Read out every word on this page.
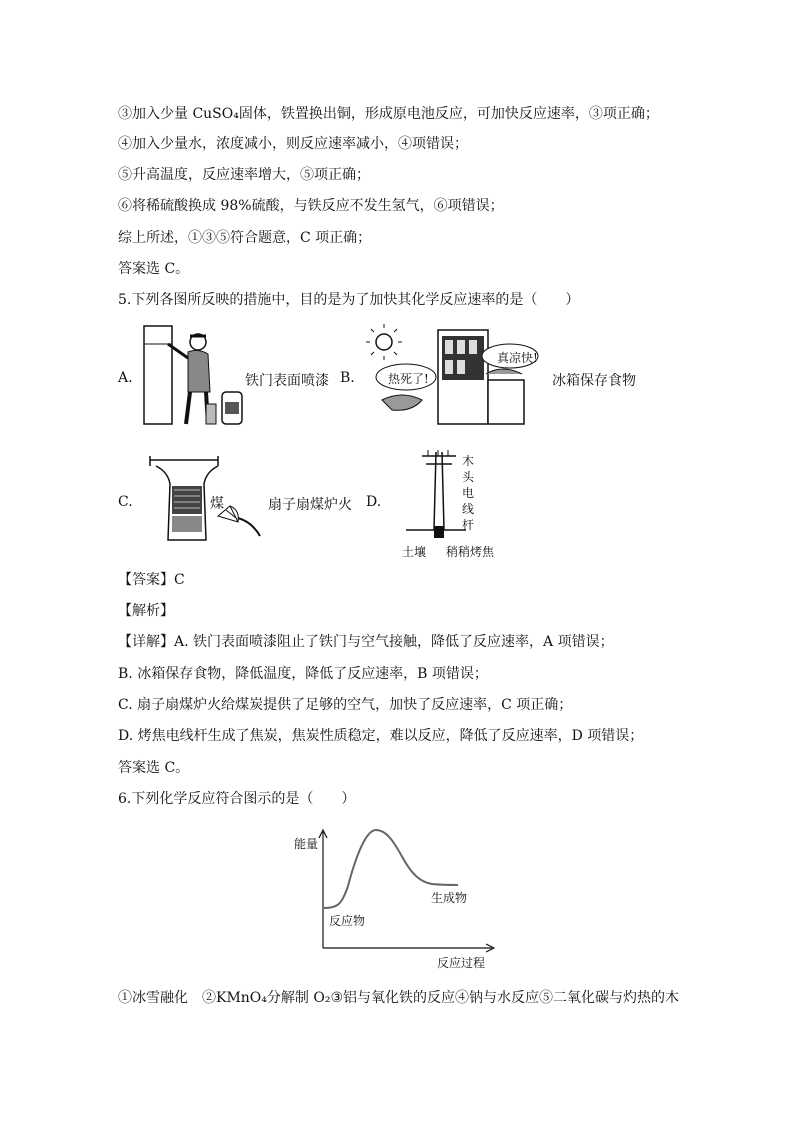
③加入少量 CuSO₄固体，铁置换出铜，形成原电池反应，可加快反应速率，③项正确；
④加入少量水，浓度减小，则反应速率减小，④项错误；
⑤升高温度，反应速率增大，⑤项正确；
⑥将稀硫酸换成 98%硫酸，与铁反应不发生氢气，⑥项错误；
综上所述，①③⑤符合题意，C 项正确；
答案选 C。
5.下列各图所反映的措施中，目的是为了加快其化学反应速率的是（　　）
A.	铁门表面喷漆 B.	热死了!
真凉快!
冰箱保存食物
C.	煤	扇子扇煤炉火 D.
木
头
电
线
杆
土壤 稍稍烤焦
【答案】C
【解析】
【详解】A. 铁门表面喷漆阻止了铁门与空气接触，降低了反应速率，A 项错误；
B. 冰箱保存食物，降低温度，降低了反应速率，B 项错误；
C. 扇子扇煤炉火给煤炭提供了足够的空气，加快了反应速率，C 项正确；
D. 烤焦电线杆生成了焦炭，焦炭性质稳定，难以反应，降低了反应速率，D 项错误；
答案选 C。
6.下列化学反应符合图示的是（　　）
能量
生成物
反应物
反应过程
①冰雪融化　②KMnO₄分解制 O₂③铝与氧化铁的反应④钠与水反应⑤二氧化碳与灼热的木
